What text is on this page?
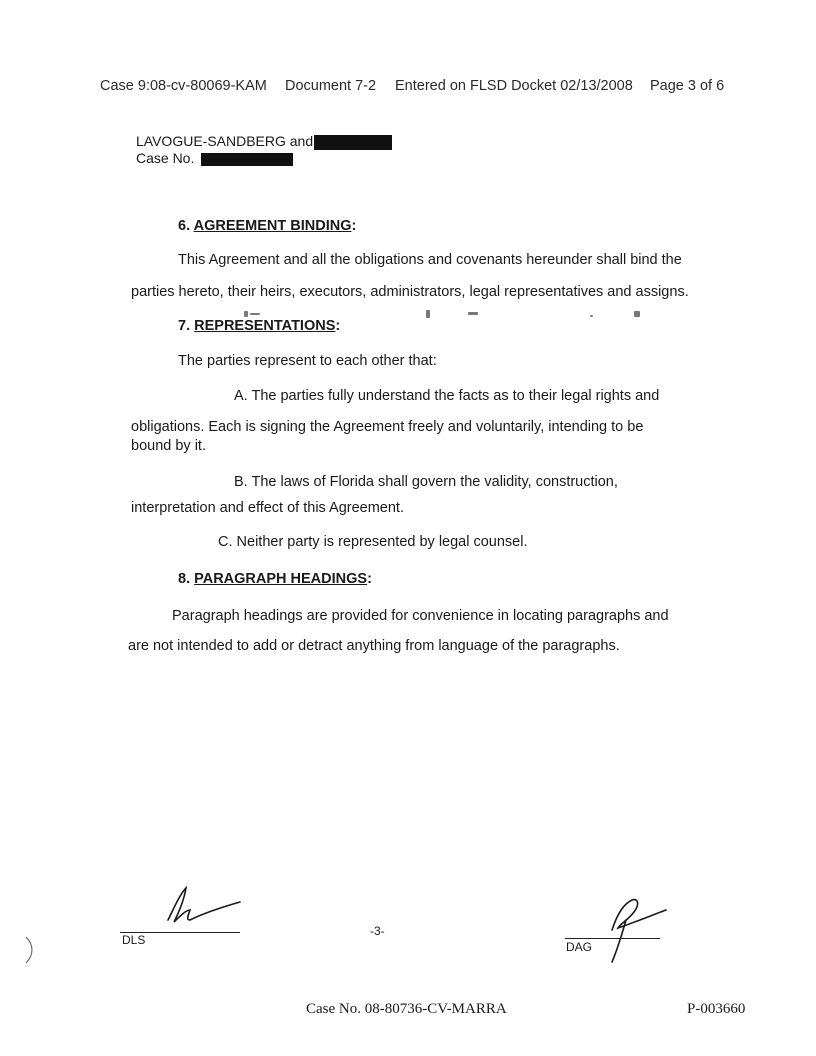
Case 9:08-cv-80069-KAM Document 7-2 Entered on FLSD Docket 02/13/2008 Page 3 of 6
LAVOGUE-SANDBERG and
Case No.
6. AGREEMENT BINDING:
This Agreement and all the obligations and covenants hereunder shall bind the
parties hereto, their heirs, executors, administrators, legal representatives and assigns.
7. REPRESENTATIONS:
The parties represent to each other that:
A. The parties fully understand the facts as to their legal rights and
obligations. Each is signing the Agreement freely and voluntarily, intending to be
bound by it.
B. The laws of Florida shall govern the validity, construction,
interpretation and effect of this Agreement.
C. Neither party is represented by legal counsel.
8. PARAGRAPH HEADINGS:
Paragraph headings are provided for convenience in locating paragraphs and
are not intended to add or detract anything from language of the paragraphs.
DLS
-3-
DAG
Case No. 08-80736-CV-MARRA	P-003660
